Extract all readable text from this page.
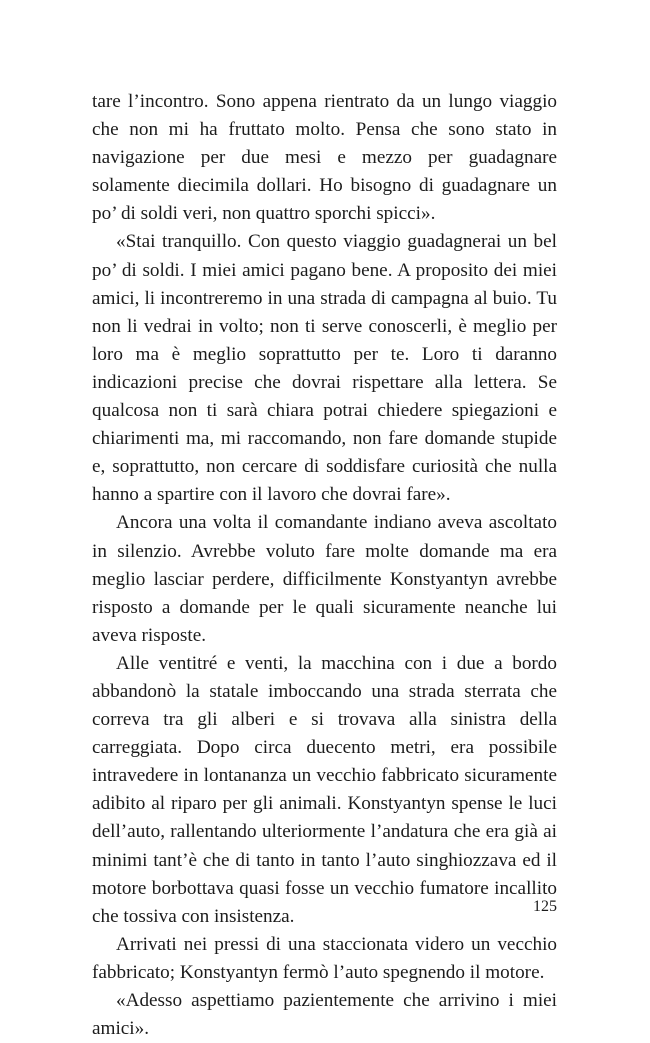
tare l’incontro. Sono appena rientrato da un lungo viaggio che non mi ha fruttato molto. Pensa che sono stato in navigazione per due mesi e mezzo per guadagnare solamente diecimila dollari. Ho bisogno di guadagnare un po’ di soldi veri, non quattro sporchi spicci».

«Stai tranquillo. Con questo viaggio guadagnerai un bel po’ di soldi. I miei amici pagano bene. A proposito dei miei amici, li incontreremo in una strada di campagna al buio. Tu non li vedrai in volto; non ti serve conoscerli, è meglio per loro ma è meglio soprattutto per te. Loro ti daranno indicazioni precise che dovrai rispettare alla lettera. Se qualcosa non ti sarà chiara potrai chiedere spiegazioni e chiarimenti ma, mi raccomando, non fare domande stupide e, soprattutto, non cercare di soddisfare curiosità che nulla hanno a spartire con il lavoro che dovrai fare».

Ancora una volta il comandante indiano aveva ascoltato in silenzio. Avrebbe voluto fare molte domande ma era meglio lasciar perdere, difficilmente Konstyantyn avrebbe risposto a domande per le quali sicuramente neanche lui aveva risposte.

Alle ventitré e venti, la macchina con i due a bordo abbandonò la statale imboccando una strada sterrata che correva tra gli alberi e si trovava alla sinistra della carreggiata. Dopo circa duecento metri, era possibile intravedere in lontananza un vecchio fabbricato sicuramente adibito al riparo per gli animali. Konstyantyn spense le luci dell’auto, rallentando ulteriormente l’andatura che era già ai minimi tant’è che di tanto in tanto l’auto singhiozzava ed il motore borbottava quasi fosse un vecchio fumatore incallito che tossiva con insistenza.

Arrivati nei pressi di una staccionata videro un vecchio fabbricato; Konstyantyn fermò l’auto spegnendo il motore.

«Adesso aspettiamo pazientemente che arrivino i miei amici».

125
